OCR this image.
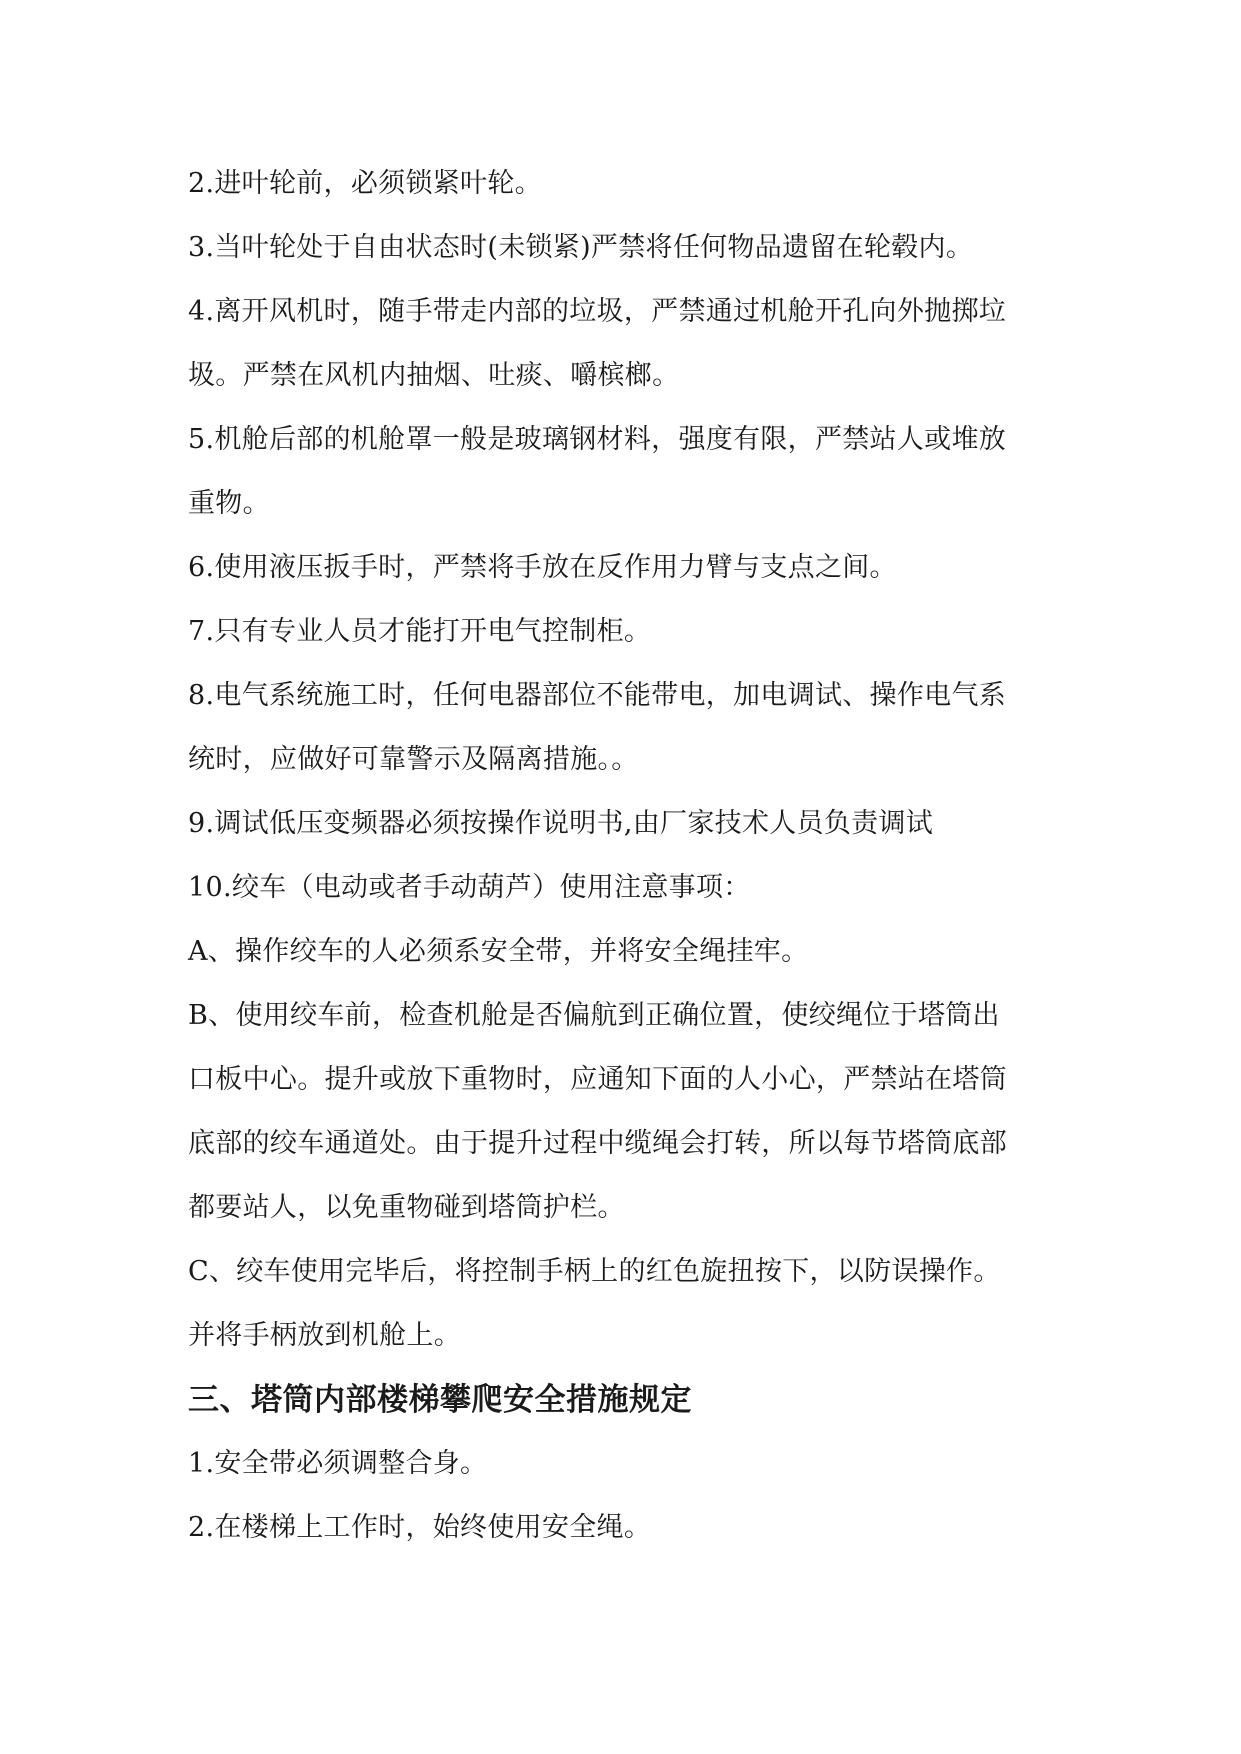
2.进叶轮前，必须锁紧叶轮。
3.当叶轮处于自由状态时(未锁紧)严禁将任何物品遗留在轮毂内。
4.离开风机时，随手带走内部的垃圾，严禁通过机舱开孔向外抛掷垃
圾。严禁在风机内抽烟、吐痰、嚼槟榔。
5.机舱后部的机舱罩一般是玻璃钢材料，强度有限，严禁站人或堆放
重物。
6.使用液压扳手时，严禁将手放在反作用力臂与支点之间。
7.只有专业人员才能打开电气控制柜。
8.电气系统施工时，任何电器部位不能带电，加电调试、操作电气系
统时，应做好可靠警示及隔离措施。。
9.调试低压变频器必须按操作说明书,由厂家技术人员负责调试
10.绞车（电动或者手动葫芦）使用注意事项：
A、操作绞车的人必须系安全带，并将安全绳挂牢。
B、使用绞车前，检查机舱是否偏航到正确位置，使绞绳位于塔筒出
口板中心。提升或放下重物时，应通知下面的人小心，严禁站在塔筒
底部的绞车通道处。由于提升过程中缆绳会打转，所以每节塔筒底部
都要站人，以免重物碰到塔筒护栏。
C、绞车使用完毕后，将控制手柄上的红色旋扭按下，以防误操作。
并将手柄放到机舱上。
三、塔筒内部楼梯攀爬安全措施规定
1.安全带必须调整合身。
2.在楼梯上工作时，始终使用安全绳。
